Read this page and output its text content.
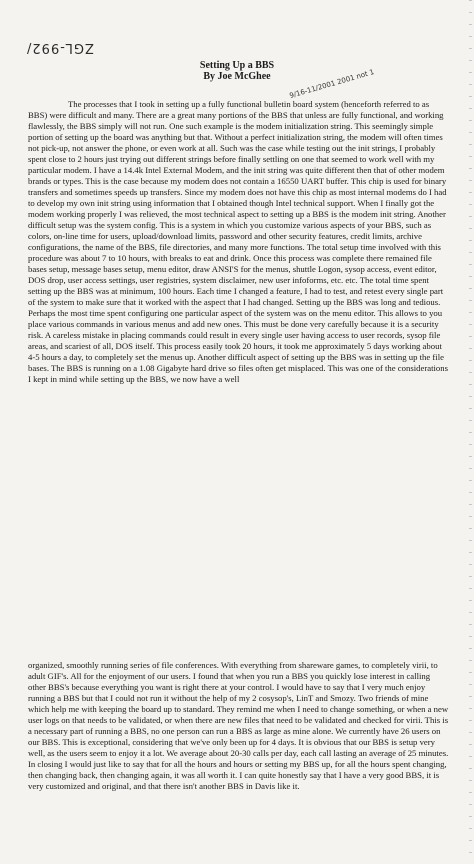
ZGL-992/
9/16-11/2001 2001 not 1
Setting Up a BBS
By Joe McGhee

The processes that I took in setting up a fully functional bulletin board system (henceforth referred to as BBS) were difficult and many. There are a great many portions of the BBS that unless are fully functional, and working flawlessly, the BBS simply will not run. One such example is the modem initialization string. This seemingly simple portion of setting up the board was anything but that. Without a perfect initialization string, the modem will often times not pick-up, not answer the phone, or even work at all. Such was the case while testing out the init strings, I probably spent close to 2 hours just trying out different strings before finally settling on one that seemed to work well with my particular modem. I have a 14.4k Intel External Modem, and the init string was quite different then that of other modem brands or types. This is the case because my modem does not contain a 16550 UART buffer. This chip is used for binary transfers and sometimes speeds up transfers. Since my modem does not have this chip as most internal modems do I had to develop my own init string using information that I obtained though Intel technical support. When I finally got the modem working properly I was relieved, the most technical aspect to setting up a BBS is the modem init string. Another difficult setup was the system config. This is a system in which you customize various aspects of your BBS, such as colors, on-line time for users, upload/download limits, password and other security features, credit limits, archive configurations, the name of the BBS, file directories, and many more functions. The total setup time involved with this procedure was about 7 to 10 hours, with breaks to eat and drink. Once this process was complete there remained file bases setup, message bases setup, menu editor, draw ANSI'S for the menus, shuttle Logon, sysop access, event editor, DOS drop, user access settings, user registries, system disclaimer, new user infoforms, etc. etc. The total time spent setting up the BBS was at minimum, 100 hours. Each time I changed a feature, I had to test, and retest every single part of the system to make sure that it worked with the aspect that I had changed. Setting up the BBS was long and tedious. Perhaps the most time spent configuring one particular aspect of the system was on the menu editor. This allows to you place various commands in various menus and add new ones. This must be done very carefully because it is a security risk. A careless mistake in placing commands could result in every single user having access to user records, sysop file areas, and scariest of all, DOS itself. This process easily took 20 hours, it took me approximately 5 days working about 4-5 hours a day, to completely set the menus up. Another difficult aspect of setting up the BBS was in setting up the file bases. The BBS is running on a 1.08 Gigabyte hard drive so files often get misplaced. This was one of the considerations I kept in mind while setting up the BBS, we now have a well

organized, smoothly running series of file conferences. With everything from shareware games, to completely virii, to adult GIF's. All for the enjoyment of our users. I found that when you run a BBS you quickly lose interest in calling other BBS's because everything you want is right there at your control. I would have to say that I very much enjoy running a BBS but that I could not run it without the help of my 2 cosysop's, LinT and Smozy. Two friends of mine which help me with keeping the board up to standard. They remind me when I need to change something, or when a new user logs on that needs to be validated, or when there are new files that need to be validated and checked for virii. This is a necessary part of running a BBS, no one person can run a BBS as large as mine alone. We currently have 26 users on our BBS. This is exceptional, considering that we've only been up for 4 days. It is obvious that our BBS is setup very well, as the users seem to enjoy it a lot. We average about 20-30 calls per day, each call lasting an average of 25 minutes. In closing I would just like to say that for all the hours and hours or setting my BBS up, for all the hours spent changing, then changing back, then changing again, it was all worth it. I can quite honestly say that I have a very good BBS, it is very customized and original, and that there isn't another BBS in Davis like it.
